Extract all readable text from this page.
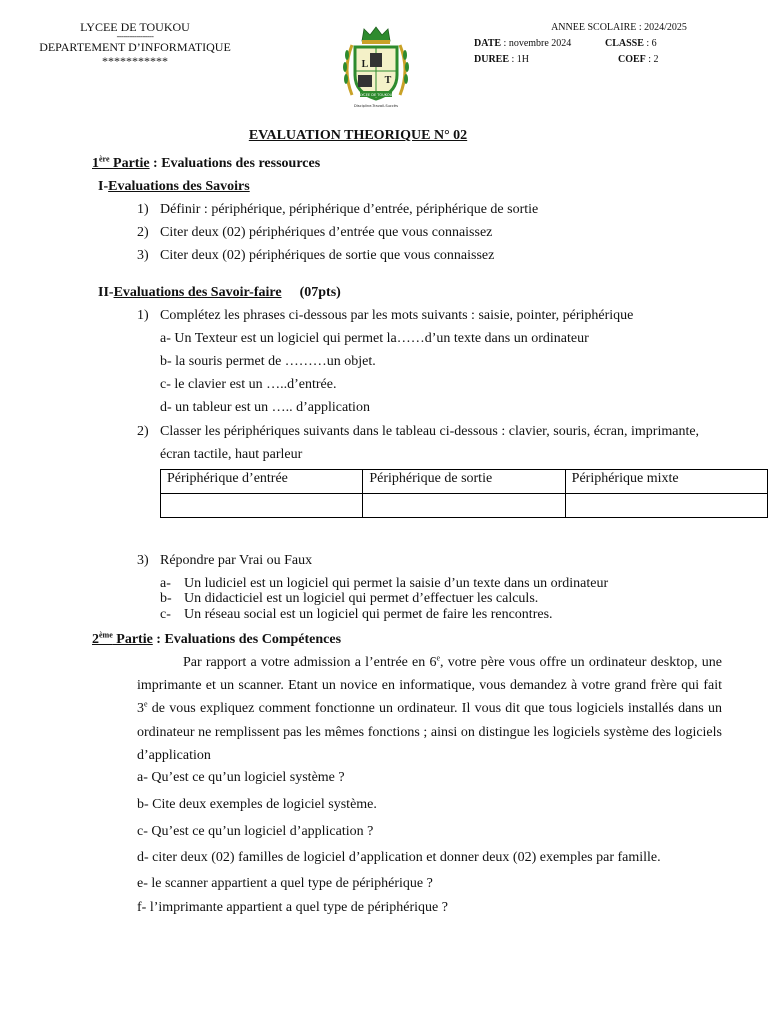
LYCEE DE TOUKOU
-----------------
DEPARTEMENT D’INFORMATIQUE
***********	L
T
LYCEE DE TOUKOU
Discipline-Travail-Succès
ANNEE SCOLAIRE : 2024/2025
DATE : novembre 2024	CLASSE : 6
DUREE : 1H	COEF : 2
EVALUATION THEORIQUE N° 02
1ère Partie : Evaluations des ressources
I-Evaluations des Savoirs
1) Définir : périphérique, périphérique d’entrée, périphérique de sortie
2) Citer deux (02) périphériques d’entrée que vous connaissez
3) Citer deux (02) périphériques de sortie que vous connaissez
II-Evaluations des Savoir-faire (07pts)
1) Complétez les phrases ci-dessous par les mots suivants : saisie, pointer, périphérique
a- Un Texteur est un logiciel qui permet la……d’un texte dans un ordinateur
b- la souris permet de ………un objet.
c- le clavier est un …..d’entrée.
d- un tableur est un ….. d’application
2) Classer les périphériques suivants dans le tableau ci-dessous : clavier, souris, écran, imprimante,
écran tactile, haut parleur
Périphérique d’entrée	Périphérique de sortie	Périphérique mixte

3) Répondre par Vrai ou Faux
a- Un ludiciel est un logiciel qui permet la saisie d’un texte dans un ordinateur
b- Un didacticiel est un logiciel qui permet d’effectuer les calculs.
c- Un réseau social est un logiciel qui permet de faire les rencontres.
2ème Partie : Evaluations des Compétences
Par rapport a votre admission a l’entrée en 6e, votre père vous offre un ordinateur desktop, une imprimante et un scanner. Etant un novice en informatique, vous demandez à votre grand frère qui fait 3e de vous expliquez comment fonctionne un ordinateur. Il vous dit que tous logiciels installés dans un ordinateur ne remplissent pas les mêmes fonctions ; ainsi on distingue les logiciels système des logiciels d’application
a- Qu’est ce qu’un logiciel système ?
b- Cite deux exemples de logiciel système.
c- Qu’est ce qu’un logiciel d’application ?
d- citer deux (02) familles de logiciel d’application et donner deux (02) exemples par famille.
e- le scanner appartient a quel type de périphérique ?
f- l’imprimante appartient a quel type de périphérique ?
